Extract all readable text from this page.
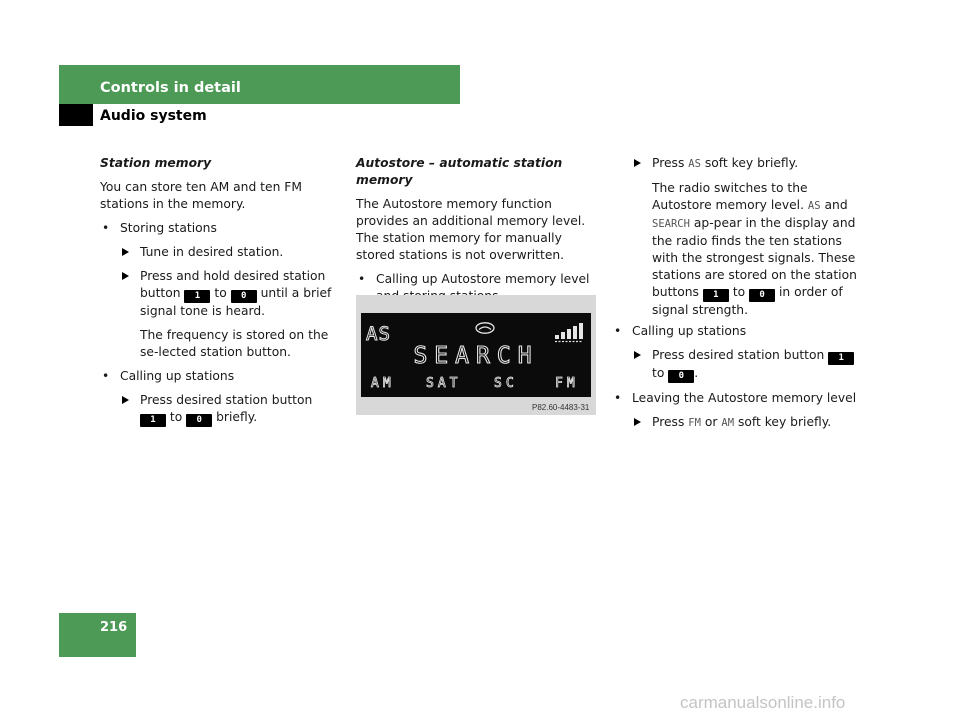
Controls in detail
Audio system
Station memory
You can store ten AM and ten FM stations in the memory.
• Storing stations
Tune in desired station.
Press and hold desired station button 1 to 0 until a brief signal tone is heard.
The frequency is stored on the se-lected station button.
• Calling up stations
Press desired station button 1 to 0 briefly.
Autostore – automatic station memory
The Autostore memory function provides an additional memory level. The station memory for manually stored stations is not overwritten.
• Calling up Autostore memory level
AS
SEARCH
AM SAT	SC	FM
P82.60-4483-31
Press AS soft key briefly.
The radio switches to the Autostore memory level. AS and SEARCH ap-pear in the display and the radio finds the ten stations with the strongest signals. These stations are stored on the station buttons 1 to 0 in order of signal strength.
• Calling up stations
Press desired station button 1 to 0 .
• Leaving the Autostore memory level
Press FM or AM soft key briefly.
216
carmanualsonline.info
